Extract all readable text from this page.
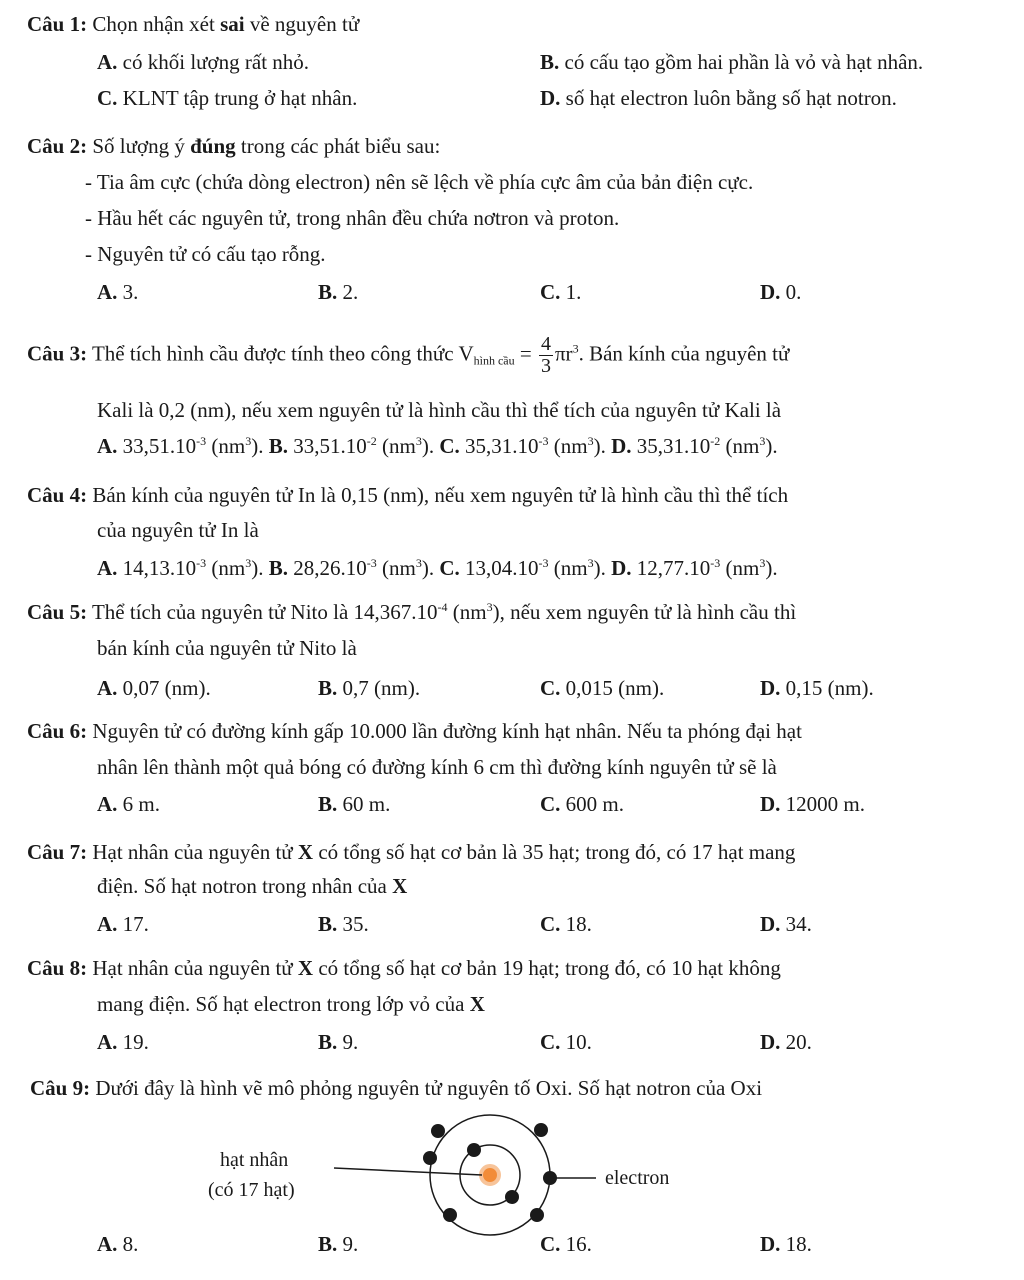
Câu 1: Chọn nhận xét sai về nguyên tử
A. có khối lượng rất nhỏ.	B. có cấu tạo gồm hai phần là vỏ và hạt nhân.
C. KLNT tập trung ở hạt nhân.	D. số hạt electron luôn bằng số hạt notron.
Câu 2: Số lượng ý đúng trong các phát biểu sau:
- Tia âm cực (chứa dòng electron) nên sẽ lệch về phía cực âm của bản điện cực.
- Hầu hết các nguyên tử, trong nhân đều chứa nơtron và proton.
- Nguyên tử có cấu tạo rỗng.
A. 3.	B. 2.	C. 1.	D. 0.
Câu 3: Thể tích hình cầu được tính theo công thức $V_{hình cầu} = \frac{4}{3} \pi r^3$. Bán kính của nguyên tử
Kali là 0,2 (nm), nếu xem nguyên tử là hình cầu thì thể tích của nguyên tử Kali là
A. $33,51.10^{-3}$ $(nm^3)$. B. $33,51.10^{-2}$ $(nm^3)$. C. $35,31.10^{-3}$ $(nm^3)$. D. $35,31.10^{-2}$ $(nm^3)$.
Câu 4: Bán kính của nguyên tử In là 0,15 (nm), nếu xem nguyên tử là hình cầu thì thể tích
của nguyên tử In là
A. $14,13.10^{-3}$ $(nm^3)$. B. $28,26.10^{-3}$ $(nm^3)$. C. $13,04.10^{-3}$ $(nm^3)$. D. $12,77.10^{-3}$ $(nm^3)$.
Câu 5: Thể tích của nguyên tử Nito là $14,367.10^{-4}$ $(nm^3)$, nếu xem nguyên tử là hình cầu thì
bán kính của nguyên tử Nito là
A. 0,07 (nm).	B. 0,7 (nm).	C. 0,015 (nm).	D. 0,15 (nm).
Câu 6: Nguyên tử có đường kính gấp 10.000 lần đường kính hạt nhân. Nếu ta phóng đại hạt
nhân lên thành một quả bóng có đường kính 6 cm thì đường kính nguyên tử sẽ là
A. 6 m.	B. 60 m.	C. 600 m.	D. 12000 m.
Câu 7: Hạt nhân của nguyên tử X có tổng số hạt cơ bản là 35 hạt; trong đó, có 17 hạt mang
điện. Số hạt notron trong nhân của X
A. 17.	B. 35.	C. 18.	D. 34.
Câu 8: Hạt nhân của nguyên tử X có tổng số hạt cơ bản 19 hạt; trong đó, có 10 hạt không
mang điện. Số hạt electron trong lớp vỏ của X
A. 19.	B. 9.	C. 10.	D. 20.
Câu 9: Dưới đây là hình vẽ mô phỏng nguyên tử nguyên tố Oxi. Số hạt notron của Oxi
hạt nhân
(có 17 hạt)
electron
A. 8.	B. 9.	C. 16.	D. 18.
